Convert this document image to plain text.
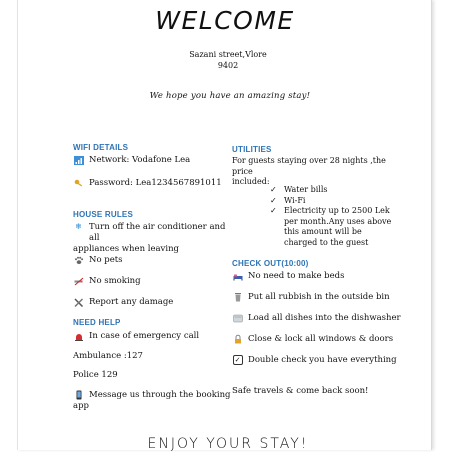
WELCOME
Sazani street,Vlore
9402
We hope you have an amazing stay!
WIFI DETAILS
Network: Vodafone Lea
Password: Lea1234567891011
HOUSE RULES
❄ Turn off the air conditioner and all
appliances when leaving
No pets
No smoking
Report any damage
NEED HELP
In case of emergency call
Ambulance :127
Police 129
Message us through the booking
app
UTILITIES
For guests staying over 28 nights ,the price
included:
✓ Water bills
✓ Wi-Fi
✓ Electricity up to 2500 Lek per month.Any uses above this amount will be charged to the guest
CHECK OUT(10:00)
No need to make beds
Put all rubbish in the outside bin
Load all dishes into the dishwasher
Close & lock all windows & doors
✓ Double check you have everything
Safe travels & come back soon!
ENJOY YOUR STAY!
